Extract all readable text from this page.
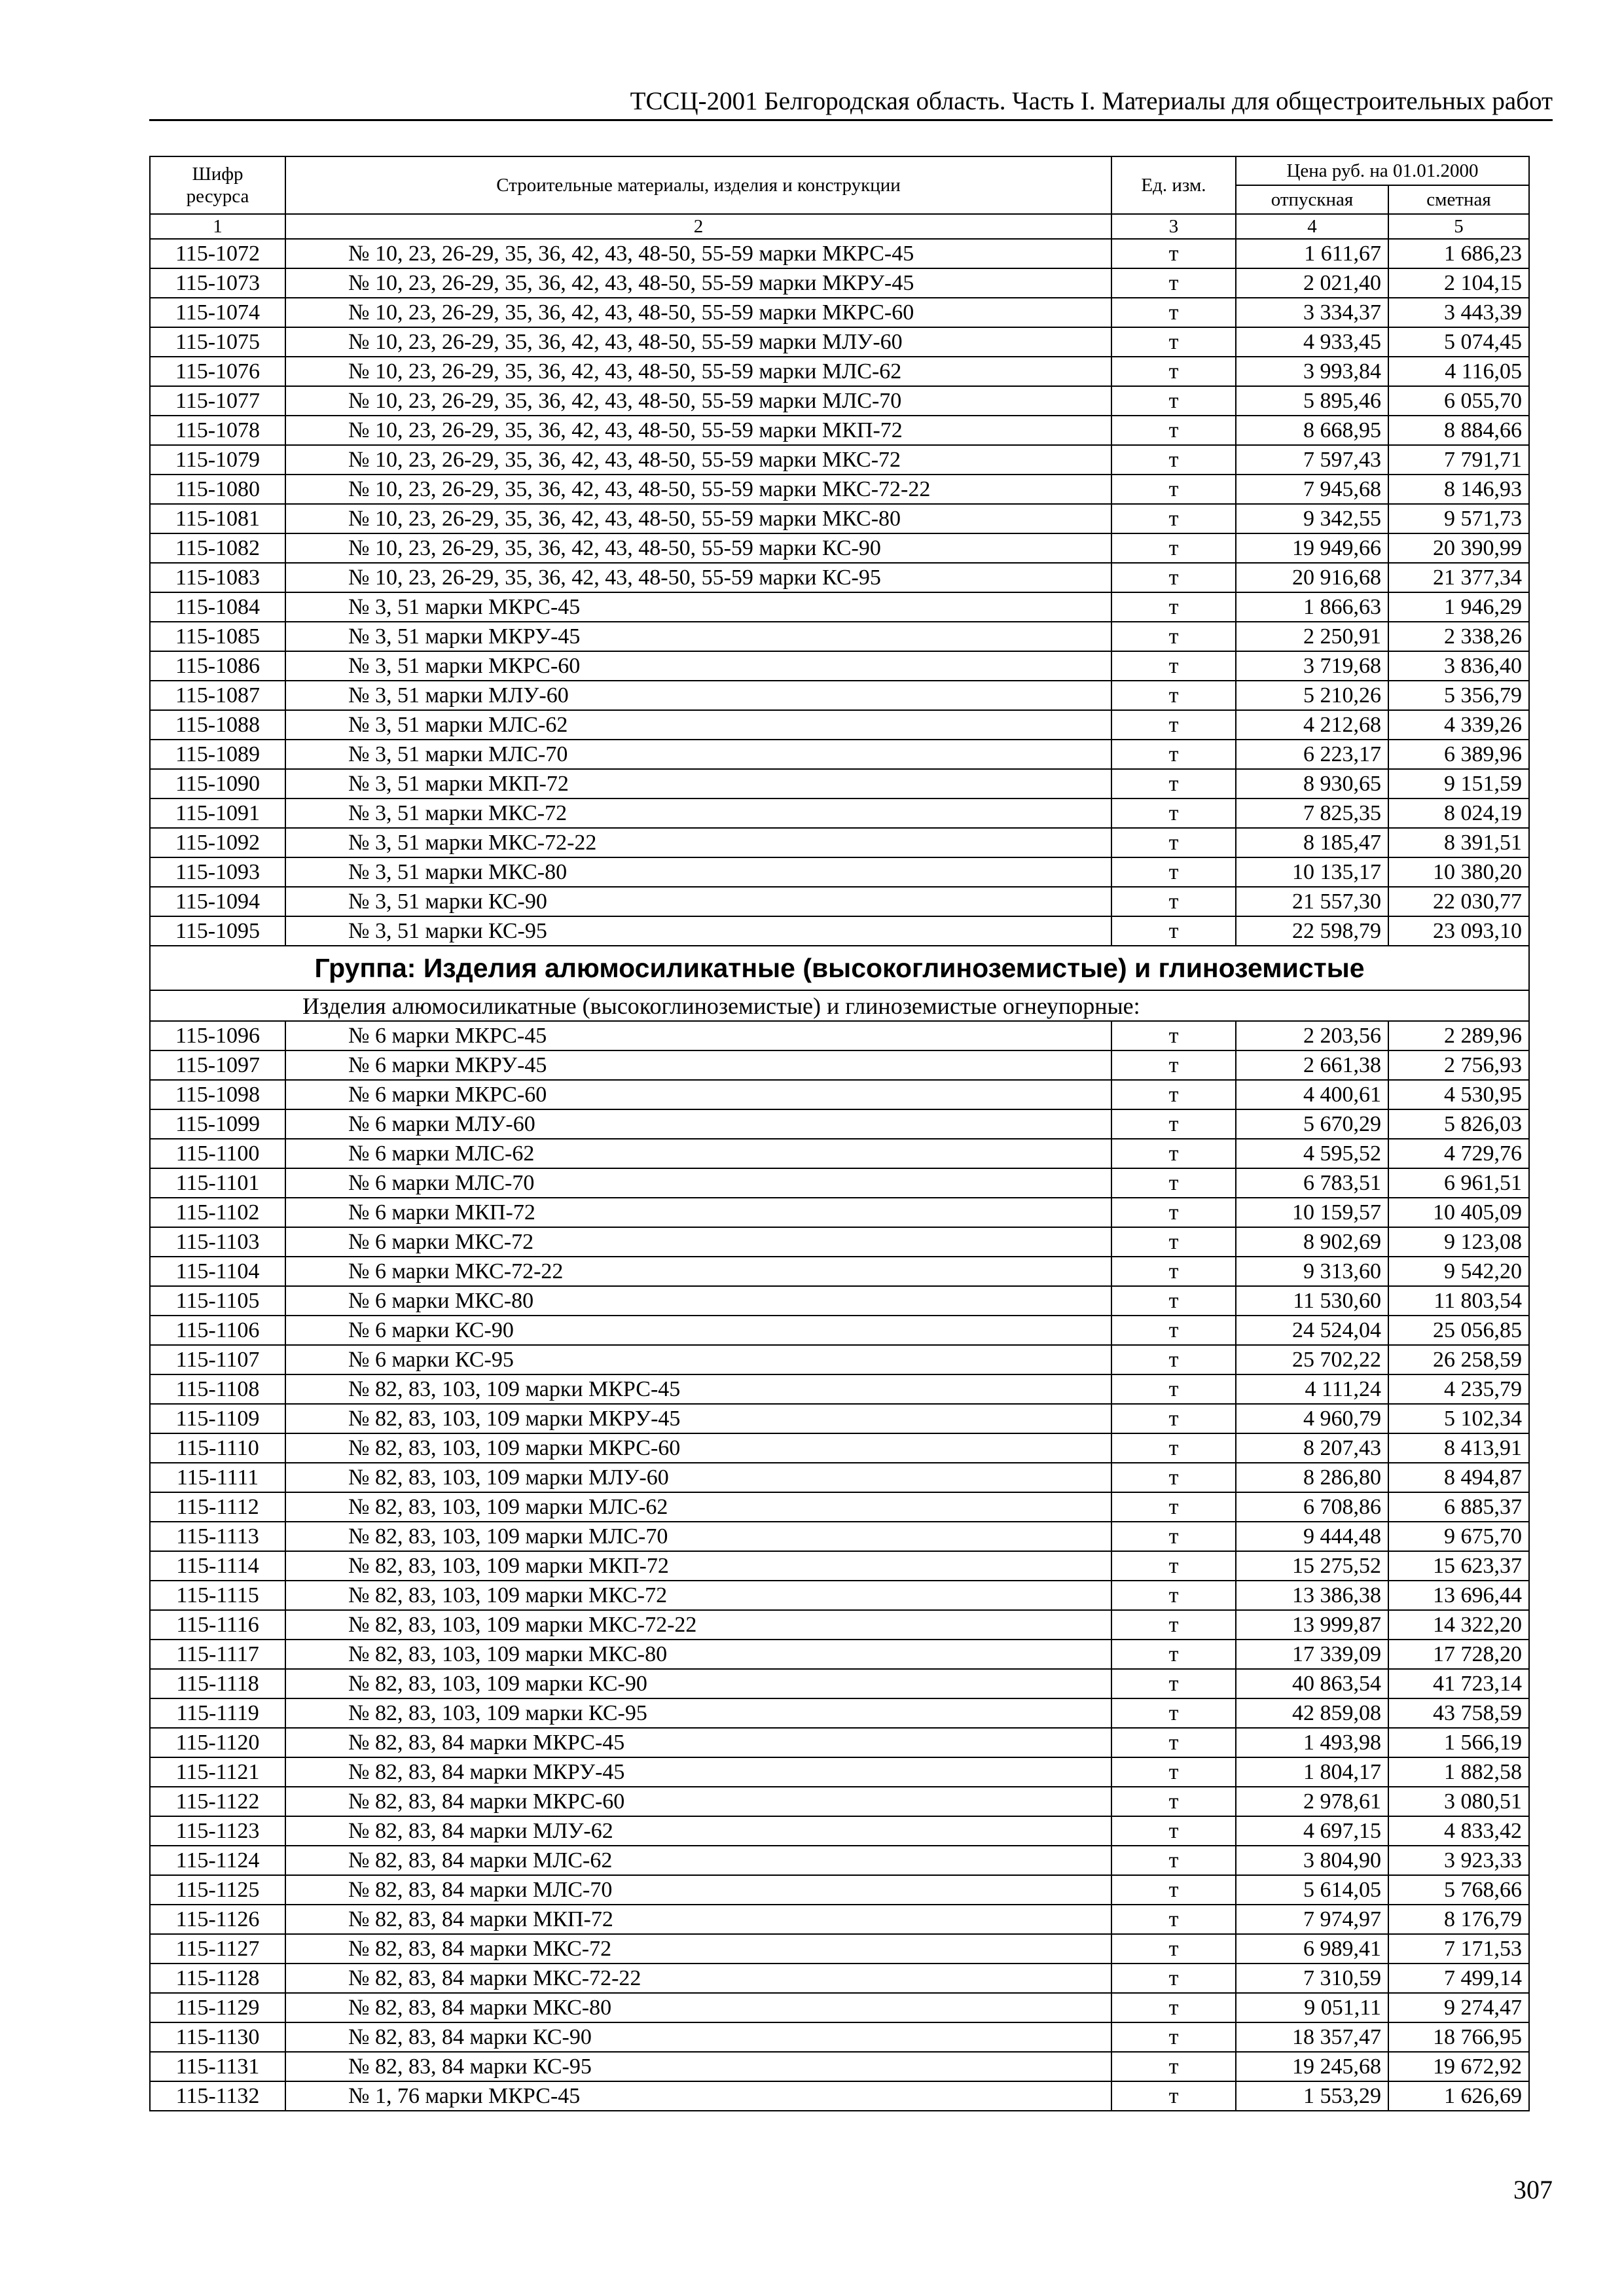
ТССЦ-2001 Белгородская область. Часть I. Материалы для общестроительных работ
Шифр ресурса	Строительные материалы, изделия и конструкции	Ед. изм.	Цена руб. на 01.01.2000	
			отпускная	сметная
1	2	3	4	5
115-1072	№ 10, 23, 26-29, 35, 36, 42, 43, 48-50, 55-59 марки МКРС-45	т	1 611,67	1 686,23
115-1073	№ 10, 23, 26-29, 35, 36, 42, 43, 48-50, 55-59 марки МКРУ-45	т	2 021,40	2 104,15
115-1074	№ 10, 23, 26-29, 35, 36, 42, 43, 48-50, 55-59 марки МКРС-60	т	3 334,37	3 443,39
115-1075	№ 10, 23, 26-29, 35, 36, 42, 43, 48-50, 55-59 марки МЛУ-60	т	4 933,45	5 074,45
115-1076	№ 10, 23, 26-29, 35, 36, 42, 43, 48-50, 55-59 марки МЛС-62	т	3 993,84	4 116,05
115-1077	№ 10, 23, 26-29, 35, 36, 42, 43, 48-50, 55-59 марки МЛС-70	т	5 895,46	6 055,70
115-1078	№ 10, 23, 26-29, 35, 36, 42, 43, 48-50, 55-59 марки МКП-72	т	8 668,95	8 884,66
115-1079	№ 10, 23, 26-29, 35, 36, 42, 43, 48-50, 55-59 марки МКС-72	т	7 597,43	7 791,71
115-1080	№ 10, 23, 26-29, 35, 36, 42, 43, 48-50, 55-59 марки МКС-72-22	т	7 945,68	8 146,93
115-1081	№ 10, 23, 26-29, 35, 36, 42, 43, 48-50, 55-59 марки МКС-80	т	9 342,55	9 571,73
115-1082	№ 10, 23, 26-29, 35, 36, 42, 43, 48-50, 55-59 марки КС-90	т	19 949,66	20 390,99
115-1083	№ 10, 23, 26-29, 35, 36, 42, 43, 48-50, 55-59 марки КС-95	т	20 916,68	21 377,34
115-1084	№ 3, 51 марки МКРС-45	т	1 866,63	1 946,29
115-1085	№ 3, 51 марки МКРУ-45	т	2 250,91	2 338,26
115-1086	№ 3, 51 марки МКРС-60	т	3 719,68	3 836,40
115-1087	№ 3, 51 марки МЛУ-60	т	5 210,26	5 356,79
115-1088	№ 3, 51 марки МЛС-62	т	4 212,68	4 339,26
115-1089	№ 3, 51 марки МЛС-70	т	6 223,17	6 389,96
115-1090	№ 3, 51 марки МКП-72	т	8 930,65	9 151,59
115-1091	№ 3, 51 марки МКС-72	т	7 825,35	8 024,19
115-1092	№ 3, 51 марки МКС-72-22	т	8 185,47	8 391,51
115-1093	№ 3, 51 марки МКС-80	т	10 135,17	10 380,20
115-1094	№ 3, 51 марки КС-90	т	21 557,30	22 030,77
115-1095	№ 3, 51 марки КС-95	т	22 598,79	23 093,10
Группа: Изделия алюмосиликатные (высокоглиноземистые) и глиноземистые				
Изделия алюмосиликатные (высокоглиноземистые) и глиноземистые огнеупорные:				
115-1096	№ 6 марки МКРС-45	т	2 203,56	2 289,96
115-1097	№ 6 марки МКРУ-45	т	2 661,38	2 756,93
115-1098	№ 6 марки МКРС-60	т	4 400,61	4 530,95
115-1099	№ 6 марки МЛУ-60	т	5 670,29	5 826,03
115-1100	№ 6 марки МЛС-62	т	4 595,52	4 729,76
115-1101	№ 6 марки МЛС-70	т	6 783,51	6 961,51
115-1102	№ 6 марки МКП-72	т	10 159,57	10 405,09
115-1103	№ 6 марки МКС-72	т	8 902,69	9 123,08
115-1104	№ 6 марки МКС-72-22	т	9 313,60	9 542,20
115-1105	№ 6 марки МКС-80	т	11 530,60	11 803,54
115-1106	№ 6 марки КС-90	т	24 524,04	25 056,85
115-1107	№ 6 марки КС-95	т	25 702,22	26 258,59
115-1108	№ 82, 83, 103, 109 марки МКРС-45	т	4 111,24	4 235,79
115-1109	№ 82, 83, 103, 109 марки МКРУ-45	т	4 960,79	5 102,34
115-1110	№ 82, 83, 103, 109 марки МКРС-60	т	8 207,43	8 413,91
115-1111	№ 82, 83, 103, 109 марки МЛУ-60	т	8 286,80	8 494,87
115-1112	№ 82, 83, 103, 109 марки МЛС-62	т	6 708,86	6 885,37
115-1113	№ 82, 83, 103, 109 марки МЛС-70	т	9 444,48	9 675,70
115-1114	№ 82, 83, 103, 109 марки МКП-72	т	15 275,52	15 623,37
115-1115	№ 82, 83, 103, 109 марки МКС-72	т	13 386,38	13 696,44
115-1116	№ 82, 83, 103, 109 марки МКС-72-22	т	13 999,87	14 322,20
115-1117	№ 82, 83, 103, 109 марки МКС-80	т	17 339,09	17 728,20
115-1118	№ 82, 83, 103, 109 марки КС-90	т	40 863,54	41 723,14
115-1119	№ 82, 83, 103, 109 марки КС-95	т	42 859,08	43 758,59
115-1120	№ 82, 83, 84 марки МКРС-45	т	1 493,98	1 566,19
115-1121	№ 82, 83, 84 марки МКРУ-45	т	1 804,17	1 882,58
115-1122	№ 82, 83, 84 марки МКРС-60	т	2 978,61	3 080,51
115-1123	№ 82, 83, 84 марки МЛУ-62	т	4 697,15	4 833,42
115-1124	№ 82, 83, 84 марки МЛС-62	т	3 804,90	3 923,33
115-1125	№ 82, 83, 84 марки МЛС-70	т	5 614,05	5 768,66
115-1126	№ 82, 83, 84 марки МКП-72	т	7 974,97	8 176,79
115-1127	№ 82, 83, 84 марки МКС-72	т	6 989,41	7 171,53
115-1128	№ 82, 83, 84 марки МКС-72-22	т	7 310,59	7 499,14
115-1129	№ 82, 83, 84 марки МКС-80	т	9 051,11	9 274,47
115-1130	№ 82, 83, 84 марки КС-90	т	18 357,47	18 766,95
115-1131	№ 82, 83, 84 марки КС-95	т	19 245,68	19 672,92
115-1132	№ 1, 76 марки МКРС-45	т	1 553,29	1 626,69
307
